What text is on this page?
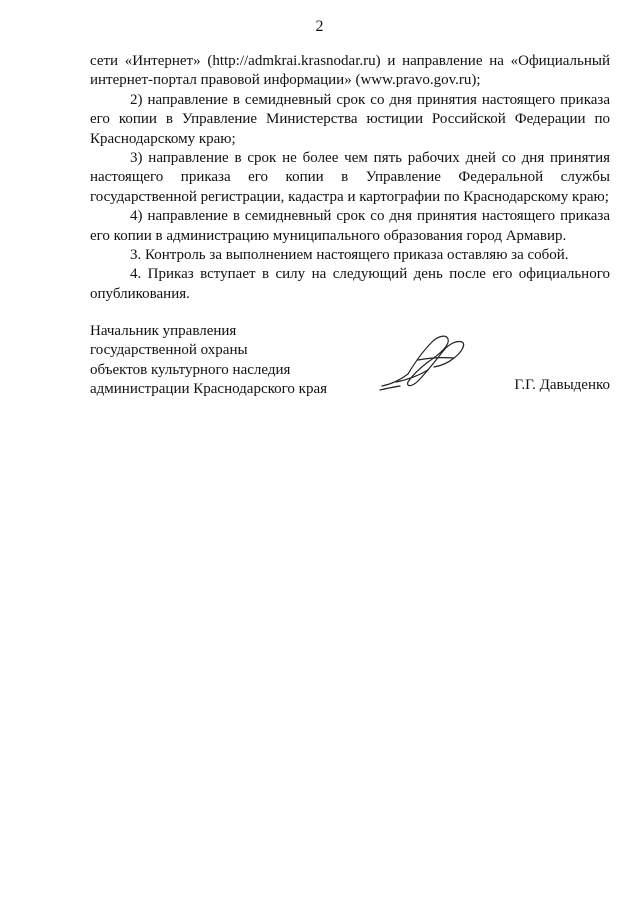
2

сети «Интернет» (http://admkrai.krasnodar.ru) и направление на «Официальный интернет-портал правовой информации» (www.pravo.gov.ru);

2) направление в семидневный срок со дня принятия настоящего приказа его копии в Управление Министерства юстиции Российской Федерации по Краснодарскому краю;

3) направление в срок не более чем пять рабочих дней со дня принятия настоящего приказа его копии в Управление Федеральной службы государственной регистрации, кадастра и картографии по Краснодарскому краю;

4) направление в семидневный срок со дня принятия настоящего приказа его копии в администрацию муниципального образования город Армавир.

3. Контроль за выполнением настоящего приказа оставляю за собой.

4. Приказ вступает в силу на следующий день после его официального опубликования.

Начальник управления
государственной охраны
объектов культурного наследия
администрации Краснодарского края	Г.Г. Давыденко
